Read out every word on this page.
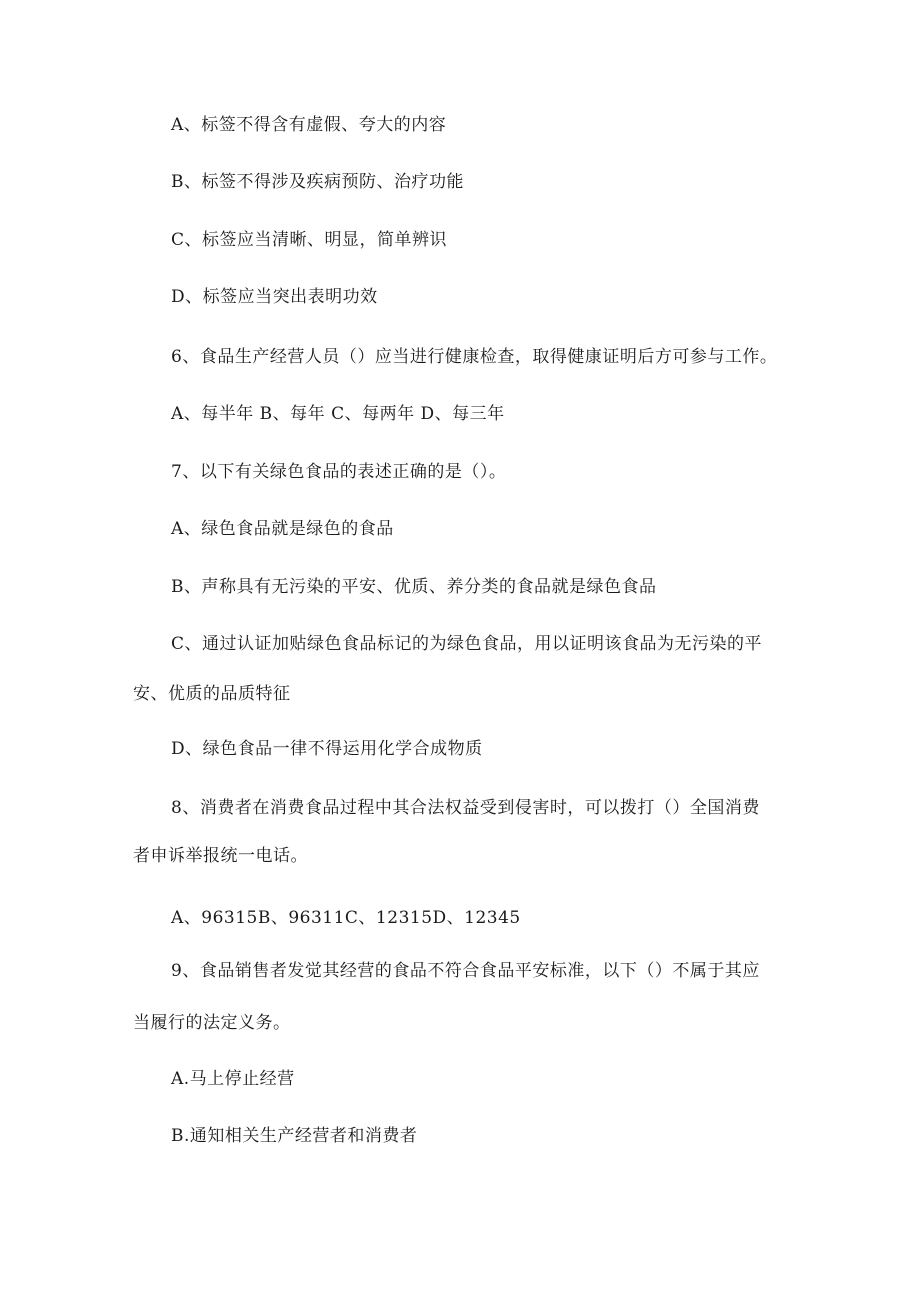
A、标签不得含有虚假、夸大的内容
B、标签不得涉及疾病预防、治疗功能
C、标签应当清晰、明显，简单辨识
D、标签应当突出表明功效
6、食品生产经营人员（）应当进行健康检查，取得健康证明后方可参与工作。
A、每半年 B、每年 C、每两年 D、每三年
7、以下有关绿色食品的表述正确的是（）。
A、绿色食品就是绿色的食品
B、声称具有无污染的平安、优质、养分类的食品就是绿色食品
C、通过认证加贴绿色食品标记的为绿色食品，用以证明该食品为无污染的平
安、优质的品质特征
D、绿色食品一律不得运用化学合成物质
8、消费者在消费食品过程中其合法权益受到侵害时，可以拨打（）全国消费
者申诉举报统一电话。
A、96315B、96311C、12315D、12345
9、食品销售者发觉其经营的食品不符合食品平安标准，以下（）不属于其应
当履行的法定义务。
A.马上停止经营
B.通知相关生产经营者和消费者
